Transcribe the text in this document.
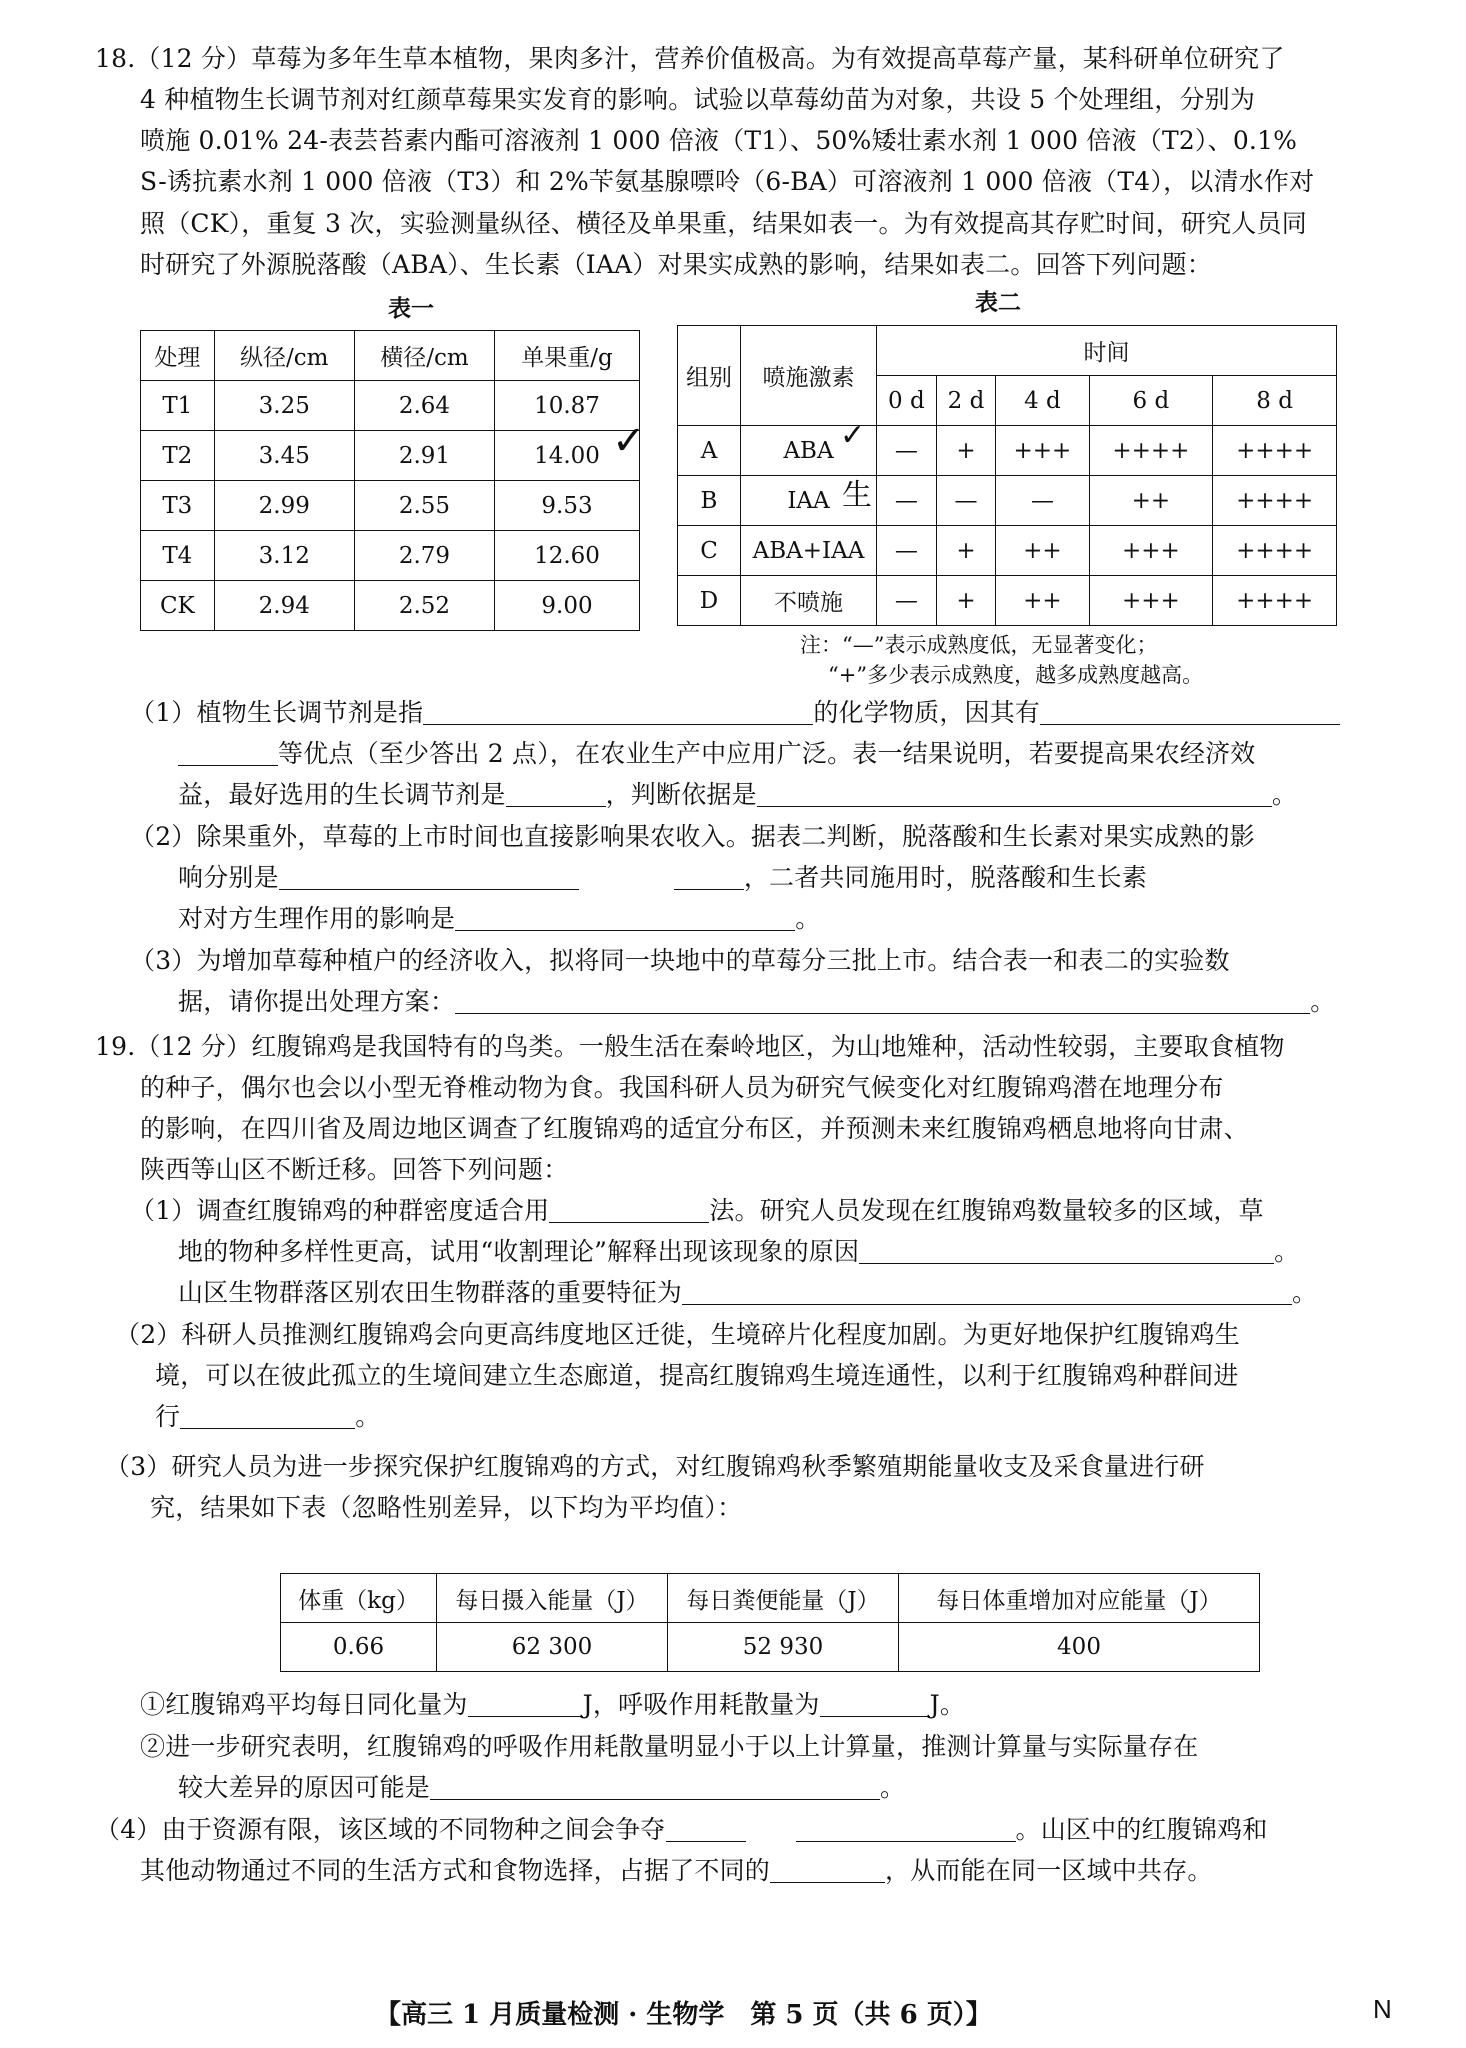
18.（12 分）草莓为多年生草本植物，果肉多汁，营养价值极高。为有效提高草莓产量，某科研单位研究了
4 种植物生长调节剂对红颜草莓果实发育的影响。试验以草莓幼苗为对象，共设 5 个处理组，分别为
喷施 0.01% 24-表芸苔素内酯可溶液剂 1 000 倍液（T1）、50%矮壮素水剂 1 000 倍液（T2）、0.1%
S-诱抗素水剂 1 000 倍液（T3）和 2%苄氨基腺嘌呤（6-BA）可溶液剂 1 000 倍液（T4），以清水作对
照（CK），重复 3 次，实验测量纵径、横径及单果重，结果如表一。为有效提高其存贮时间，研究人员同
时研究了外源脱落酸（ABA）、生长素（IAA）对果实成熟的影响，结果如表二。回答下列问题：
表一	表二
处理	纵径/cm	横径/cm	单果重/g
T1	3.25	2.64	10.87
T2	3.45	2.91	14.00
T3	2.99	2.55	9.53
T4	3.12	2.79	12.60
CK	2.94	2.52	9.00
组别	喷施激素	时间				
		0 d	2 d	4 d	6 d	8 d
A	ABA	—	+	+++	++++	++++
B	IAA	—	—	—	++	++++
C	ABA+IAA	—	+	++	+++	++++
D	不喷施	—	+	++	+++	++++
✓	✓
生
注：“—”表示成熟度低，无显著变化；
“+”多少表示成熟度，越多成熟度越高。
（1）植物生长调节剂是指	的化学物质，因其有
等优点（至少答出 2 点），在农业生产中应用广泛。表一结果说明，若要提高果农经济效
益，最好选用的生长调节剂是	，判断依据是	。
（2）除果重外，草莓的上市时间也直接影响果农收入。据表二判断，脱落酸和生长素对果实成熟的影
响分别是	，二者共同施用时，脱落酸和生长素
对对方生理作用的影响是	。
（3）为增加草莓种植户的经济收入，拟将同一块地中的草莓分三批上市。结合表一和表二的实验数
据，请你提出处理方案：	。
19.（12 分）红腹锦鸡是我国特有的鸟类。一般生活在秦岭地区，为山地雉种，活动性较弱，主要取食植物
的种子，偶尔也会以小型无脊椎动物为食。我国科研人员为研究气候变化对红腹锦鸡潜在地理分布
的影响，在四川省及周边地区调查了红腹锦鸡的适宜分布区，并预测未来红腹锦鸡栖息地将向甘肃、
陕西等山区不断迁移。回答下列问题：
（1）调查红腹锦鸡的种群密度适合用	法。研究人员发现在红腹锦鸡数量较多的区域，草
地的物种多样性更高，试用“收割理论”解释出现该现象的原因	。
山区生物群落区别农田生物群落的重要特征为	。
（2）科研人员推测红腹锦鸡会向更高纬度地区迁徙，生境碎片化程度加剧。为更好地保护红腹锦鸡生
境，可以在彼此孤立的生境间建立生态廊道，提高红腹锦鸡生境连通性，以利于红腹锦鸡种群间进
行	。
（3）研究人员为进一步探究保护红腹锦鸡的方式，对红腹锦鸡秋季繁殖期能量收支及采食量进行研
究，结果如下表（忽略性别差异，以下均为平均值）：
体重（kg）	每日摄入能量（J）	每日粪便能量（J）	每日体重增加对应能量（J）
0.66	62 300	52 930	400
①红腹锦鸡平均每日同化量为	J，呼吸作用耗散量为	J。
②进一步研究表明，红腹锦鸡的呼吸作用耗散量明显小于以上计算量，推测计算量与实际量存在
较大差异的原因可能是	。
（4）由于资源有限，该区域的不同物种之间会争夺	。山区中的红腹锦鸡和
其他动物通过不同的生活方式和食物选择，占据了不同的	，从而能在同一区域中共存。
【高三 1 月质量检测 · 生物学　第 5 页（共 6 页）】	N
